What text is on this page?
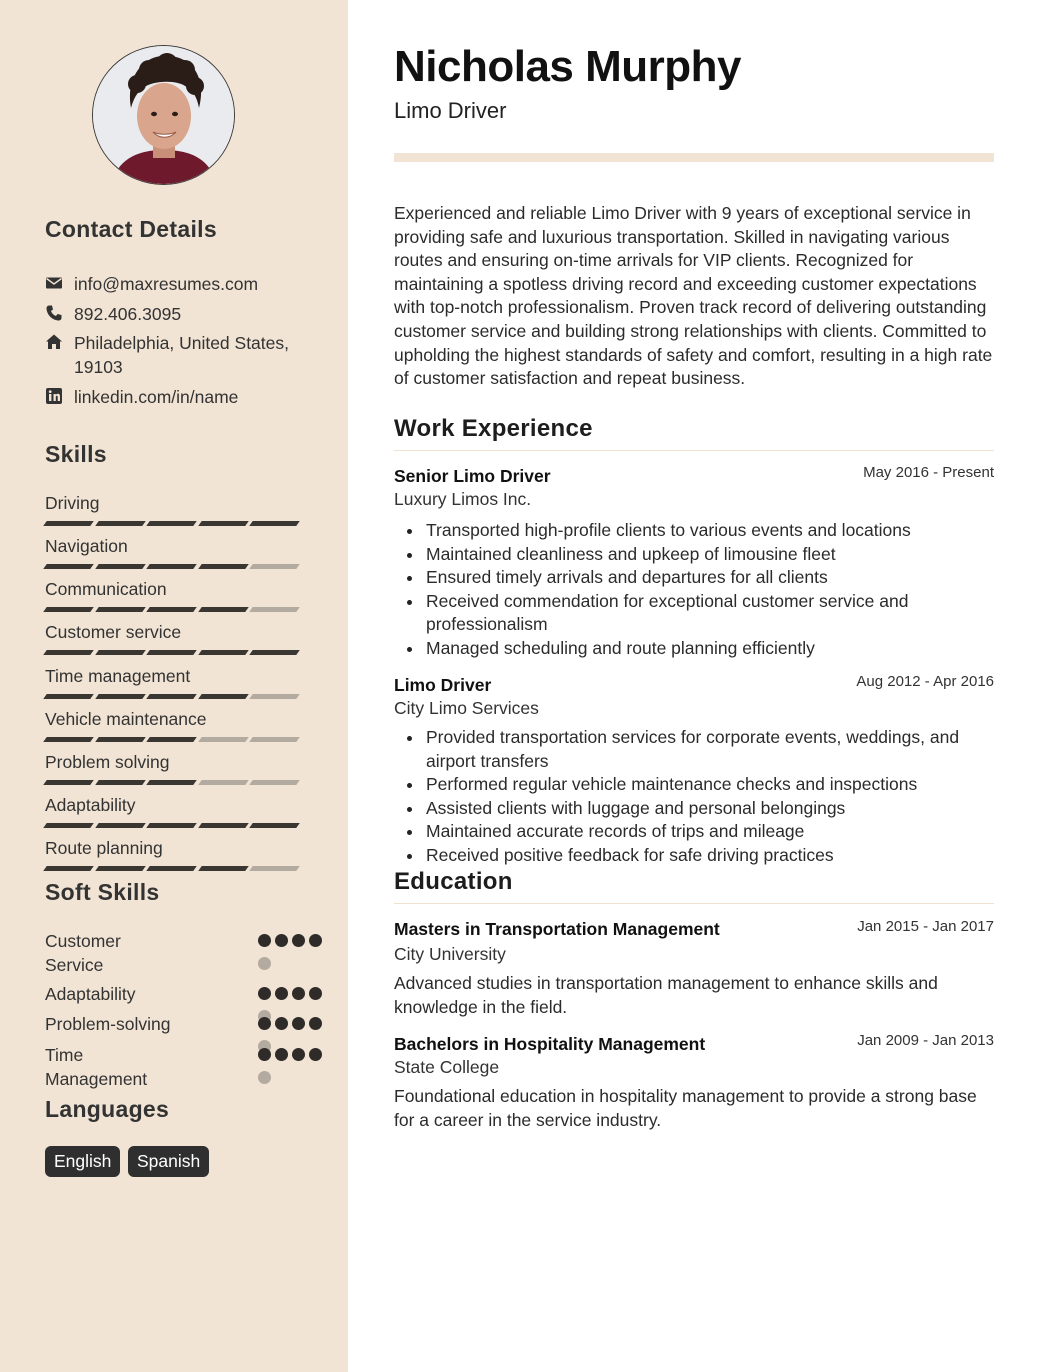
Contact Details
info@maxresumes.com
892.406.3095
Philadelphia, United States, 19103
linkedin.com/in/name
Skills
Driving
Navigation
Communication
Customer service
Time management
Vehicle maintenance
Problem solving
Adaptability
Route planning
Soft Skills
Customer Service
Adaptability
Problem-solving
Time Management
Languages
English	Spanish
Nicholas Murphy
Limo Driver

Experienced and reliable Limo Driver with 9 years of exceptional service in providing safe and luxurious transportation. Skilled in navigating various routes and ensuring on-time arrivals for VIP clients. Recognized for maintaining a spotless driving record and exceeding customer expectations with top-notch professionalism. Proven track record of delivering outstanding customer service and building strong relationships with clients. Committed to upholding the highest standards of safety and comfort, resulting in a high rate of customer satisfaction and repeat business.

Work Experience
Senior Limo Driver	May 2016 - Present
Luxury Limos Inc.
Transported high-profile clients to various events and locations
Maintained cleanliness and upkeep of limousine fleet
Ensured timely arrivals and departures for all clients
Received commendation for exceptional customer service and professionalism
Managed scheduling and route planning efficiently
Limo Driver	Aug 2012 - Apr 2016
City Limo Services
Provided transportation services for corporate events, weddings, and airport transfers
Performed regular vehicle maintenance checks and inspections
Assisted clients with luggage and personal belongings
Maintained accurate records of trips and mileage
Received positive feedback for safe driving practices
Education
Masters in Transportation Management	Jan 2015 - Jan 2017
City University

Advanced studies in transportation management to enhance skills and knowledge in the field.

Bachelors in Hospitality Management	Jan 2009 - Jan 2013
State College

Foundational education in hospitality management to provide a strong base for a career in the service industry.
